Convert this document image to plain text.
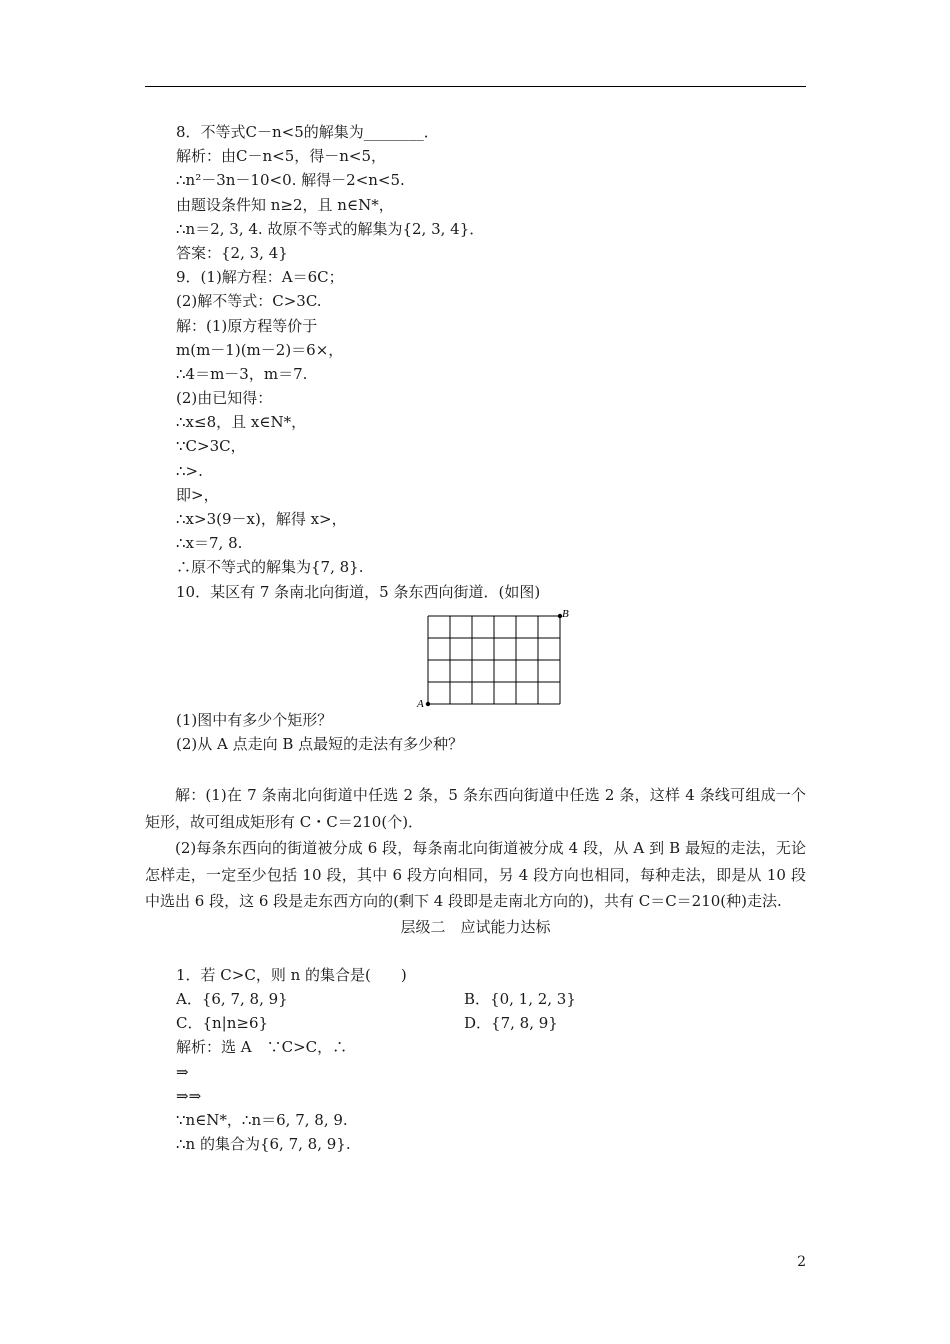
8．不等式C－n<5的解集为________．
解析：由C－n<5，得－n<5，
∴n²－3n－10<0. 解得－2<n<5.
由题设条件知 n≥2，且 n∈N*，
∴n＝2, 3, 4. 故原不等式的解集为{2, 3, 4}．
答案：{2, 3, 4}
9．(1)解方程：A＝6C；
(2)解不等式：C>3C.
解：(1)原方程等价于
m(m－1)(m－2)＝6×，
∴4＝m－3，m＝7.
(2)由已知得：
∴x≤8，且 x∈N*，
∵C>3C，
∴>.
即>，
∴x>3(9－x)，解得 x>，
∴x＝7, 8.
∴原不等式的解集为{7, 8}.
10．某区有 7 条南北向街道，5 条东西向街道．(如图)
A
B
(1)图中有多少个矩形？
(2)从 A 点走向 B 点最短的走法有多少种？
解：(1)在 7 条南北向街道中任选 2 条，5 条东西向街道中任选 2 条，这样 4 条线可组成一个矩形，故可组成矩形有 C・C＝210(个)．
(2)每条东西向的街道被分成 6 段，每条南北向街道被分成 4 段，从 A 到 B 最短的走法，无论怎样走，一定至少包括 10 段，其中 6 段方向相同，另 4 段方向也相同，每种走法，即是从 10 段中选出 6 段，这 6 段是走东西方向的(剩下 4 段即是走南北方向的)，共有 C＝C＝210(种)走法.
层级二　应试能力达标
1．若 C>C，则 n 的集合是(　　)
A．{6, 7, 8, 9}	B．{0, 1, 2, 3}
C．{n|n≥6}	D．{7, 8, 9}
解析：选 A　∵C>C，∴
⇒
⇒⇒
∵n∈N*，∴n＝6, 7, 8, 9.
∴n 的集合为{6, 7, 8, 9}.
2
